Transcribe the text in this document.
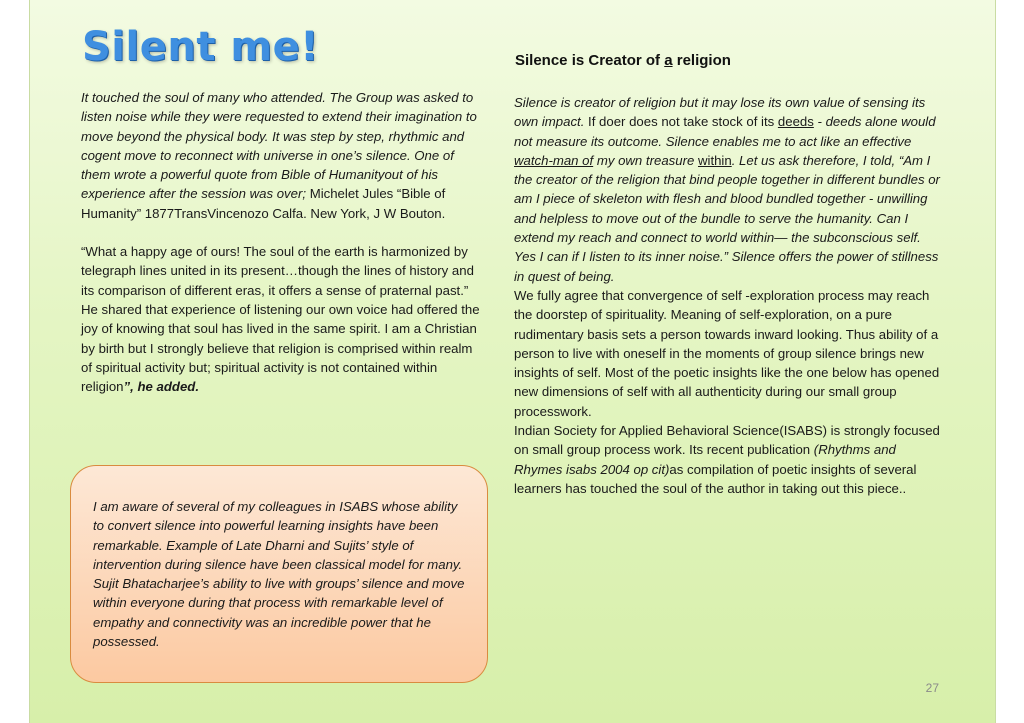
Silent me!

It touched the soul of many who attended. The Group was asked to listen noise while they were requested to extend their imagination to move beyond the physical body. It was step by step, rhythmic and cogent move to reconnect with universe in one’s silence. One of them wrote a powerful quote from Bible of Humanityout of his experience after the session was over; Michelet Jules “Bible of Humanity” 1877TransVincenozo Calfa. New York, J W Bouton.

“What a happy age of ours! The soul of the earth is harmonized by telegraph lines united in its present…though the lines of history and its comparison of different eras, it offers a sense of praternal past.” He shared that experience of listening our own voice had offered the joy of knowing that soul has lived in the same spirit. I am a Christian by birth but I strongly believe that religion is comprised within realm of spiritual activity but; spiritual activity is not contained within religion”, he added.

I am aware of several of my colleagues in ISABS whose ability to convert silence into powerful learning insights have been remarkable. Example of Late Dharni and Sujits’ style of intervention during silence have been classical model for many. Sujit Bhatacharjee’s ability to live with groups’ silence and move within everyone during that process with remarkable level of empathy and connectivity was an incredible power that he possessed.
Silence is Creator of a religion

Silence is creator of religion but it may lose its own value of sensing its own impact. If doer does not take stock of its deeds - deeds alone would not measure its outcome. Silence enables me to act like an effective watch-man of my own treasure within. Let us ask therefore, I told, “Am I the creator of the religion that bind people together in different bundles or am I piece of skeleton with flesh and blood bundled together - unwilling and helpless to move out of the bundle to serve the humanity. Can I extend my reach and connect to world within— the subconscious self. Yes I can if I listen to its inner noise.” Silence offers the power of stillness in quest of being.

We fully agree that convergence of self -exploration process may reach the doorstep of spirituality. Meaning of self-exploration, on a pure rudimentary basis sets a person towards inward looking. Thus ability of a person to live with oneself in the moments of group silence brings new insights of self. Most of the poetic insights like the one below has opened new dimensions of self with all authenticity during our small group processwork.

Indian Society for Applied Behavioral Science(ISABS) is strongly focused on small group process work. Its recent publication (Rhythms and Rhymes isabs 2004 op cit)as compilation of poetic insights of several learners has touched the soul of the author in taking out this piece..

27
